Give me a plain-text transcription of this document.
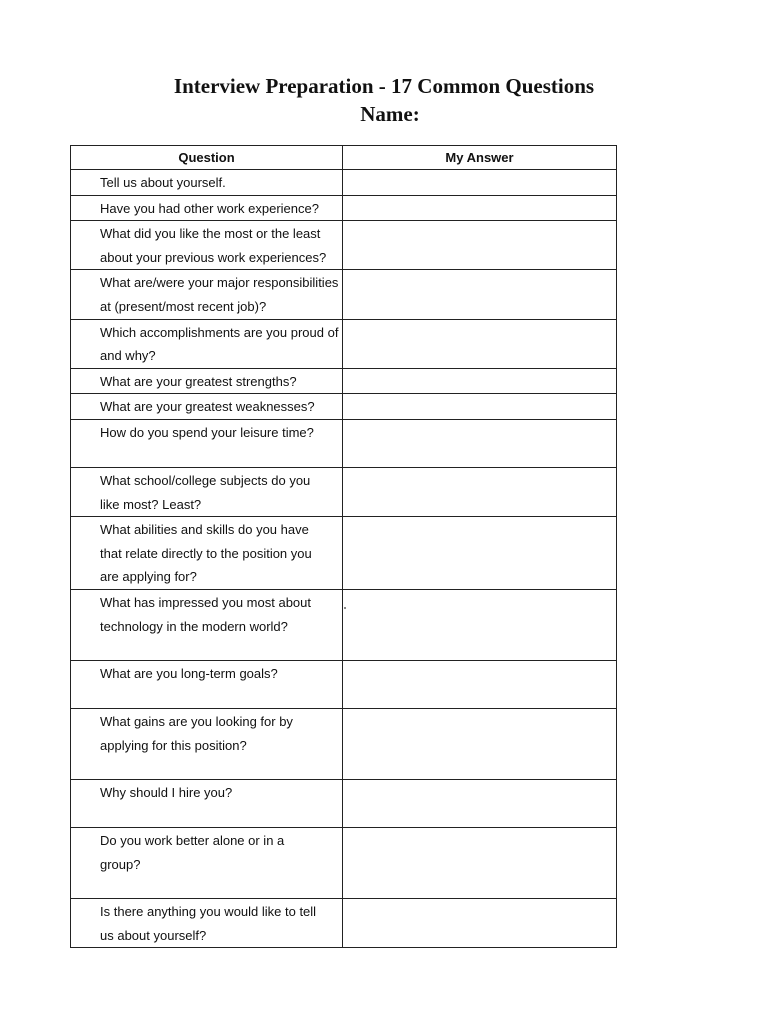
Interview Preparation - 17 Common Questions
Name:
Question	My Answer
Tell us about yourself.	
Have you had other work experience?	
What did you like the most or the least
about your previous work experiences?	
What are/were your major responsibilities
at (present/most recent job)?	
Which accomplishments are you proud of
and why?	
What are your greatest strengths?	
What are your greatest weaknesses?	
How do you spend your leisure time?	
What school/college subjects do you
like most? Least?	
What abilities and skills do you have
that relate directly to the position you
are applying for?	
What has impressed you most about
technology in the modern world?	
What are you long-term goals?	
What gains are you looking for by
applying for this position?	
Why should I hire you?	
Do you work better alone or in a
group?	
Is there anything you would like to tell
us about yourself?	
